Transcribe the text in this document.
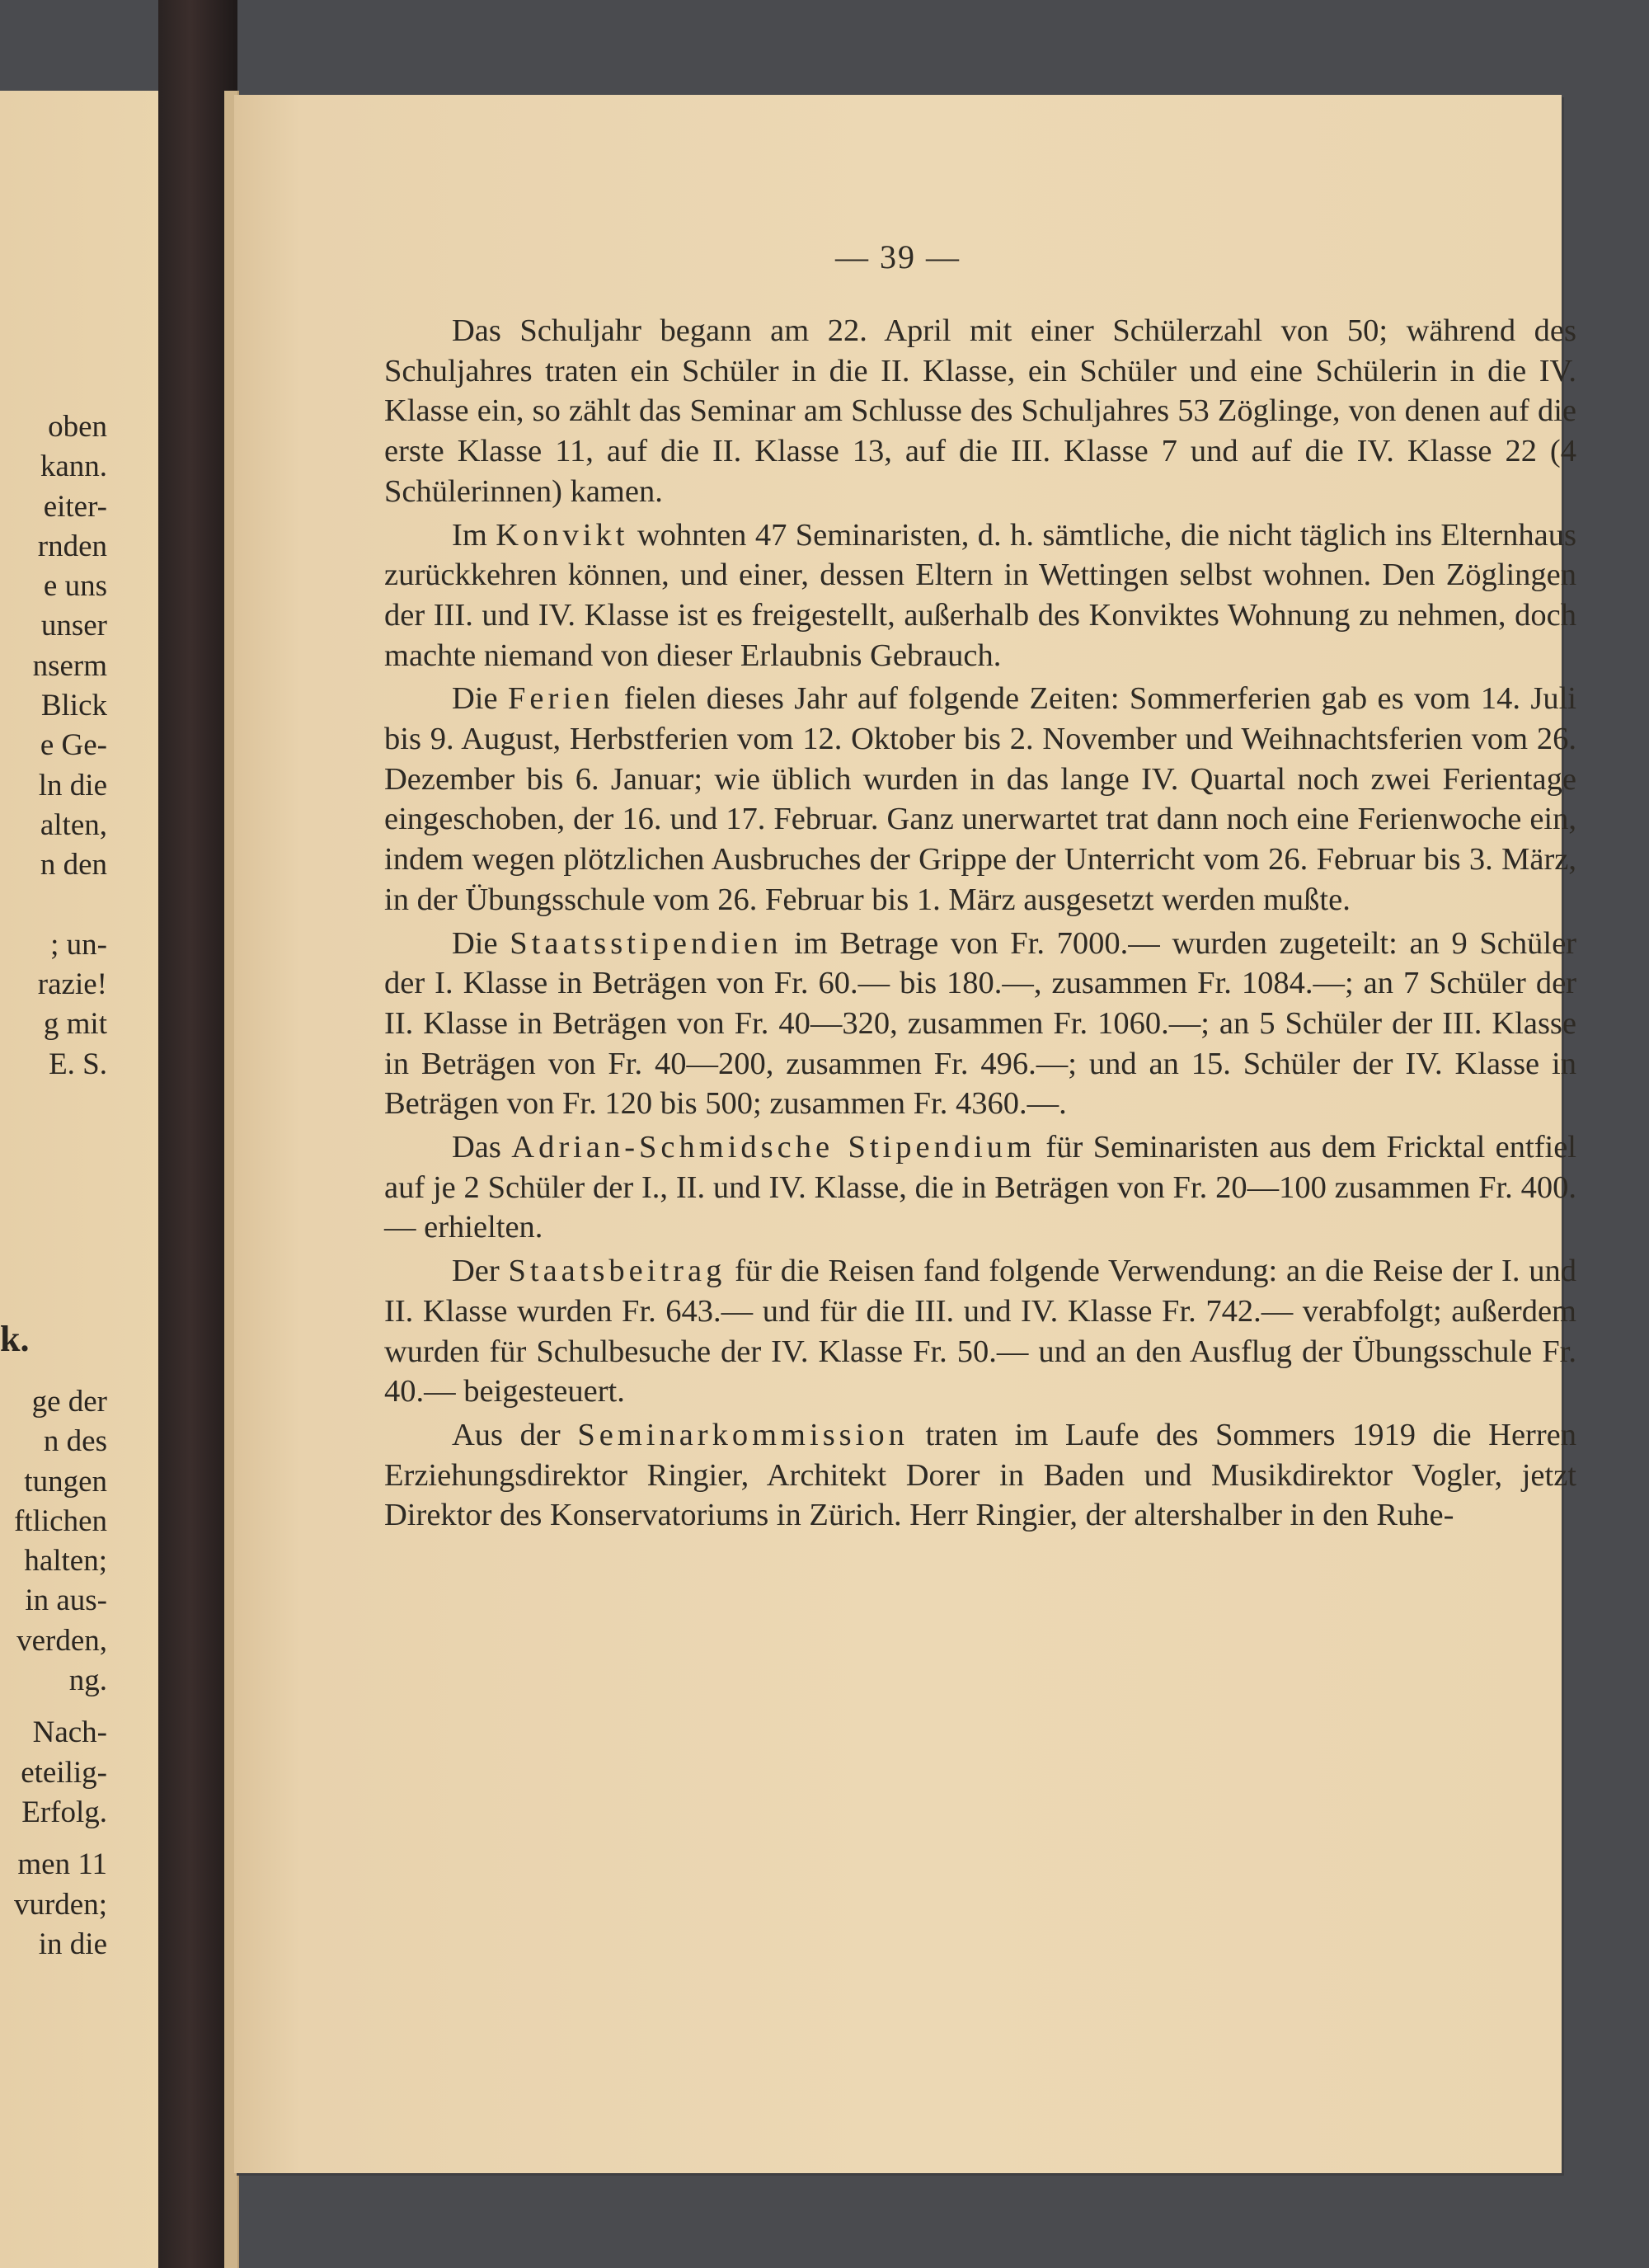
oben
kann.
eiter-
rnden
e uns
unser
nserm
Blick
e Ge-
ln die
alten,
n den
; un-
razie!
g mit
E. S.
k.
ge der
n des
tungen
ftlichen
halten;
in aus-
verden,
ng.
Nach-
eteilig-
Erfolg.
men 11
vurden;
in die
— 39 —

Das Schuljahr begann am 22. April mit einer Schülerzahl von 50; während des Schuljahres traten ein Schüler in die II. Klasse, ein Schüler und eine Schülerin in die IV. Klasse ein, so zählt das Seminar am Schlusse des Schuljahres 53 Zöglinge, von denen auf die erste Klasse 11, auf die II. Klasse 13, auf die III. Klasse 7 und auf die IV. Klasse 22 (4 Schülerinnen) kamen.

Im Konvikt wohnten 47 Seminaristen, d. h. sämtliche, die nicht täglich ins Elternhaus zurückkehren können, und einer, dessen Eltern in Wettingen selbst wohnen. Den Zöglingen der III. und IV. Klasse ist es freigestellt, außerhalb des Konviktes Wohnung zu nehmen, doch machte niemand von dieser Erlaubnis Gebrauch.

Die Ferien fielen dieses Jahr auf folgende Zeiten: Sommerferien gab es vom 14. Juli bis 9. August, Herbstferien vom 12. Oktober bis 2. November und Weihnachtsferien vom 26. Dezember bis 6. Januar; wie üblich wurden in das lange IV. Quartal noch zwei Ferientage eingeschoben, der 16. und 17. Februar. Ganz unerwartet trat dann noch eine Ferienwoche ein, indem wegen plötzlichen Ausbruches der Grippe der Unterricht vom 26. Februar bis 3. März, in der Übungsschule vom 26. Februar bis 1. März ausgesetzt werden mußte.

Die Staatsstipendien im Betrage von Fr. 7000.— wurden zugeteilt: an 9 Schüler der I. Klasse in Beträgen von Fr. 60.— bis 180.—, zusammen Fr. 1084.—; an 7 Schüler der II. Klasse in Beträgen von Fr. 40—320, zusammen Fr. 1060.—; an 5 Schüler der III. Klasse in Beträgen von Fr. 40—200, zusammen Fr. 496.—; und an 15. Schüler der IV. Klasse in Beträgen von Fr. 120 bis 500; zusammen Fr. 4360.—.

Das Adrian-Schmidsche Stipendium für Seminaristen aus dem Fricktal entfiel auf je 2 Schüler der I., II. und IV. Klasse, die in Beträgen von Fr. 20—100 zusammen Fr. 400.— erhielten.

Der Staatsbeitrag für die Reisen fand folgende Verwendung: an die Reise der I. und II. Klasse wurden Fr. 643.— und für die III. und IV. Klasse Fr. 742.— verabfolgt; außerdem wurden für Schulbesuche der IV. Klasse Fr. 50.— und an den Ausflug der Übungsschule Fr. 40.— beigesteuert.

Aus der Seminarkommission traten im Laufe des Sommers 1919 die Herren Erziehungsdirektor Ringier, Architekt Dorer in Baden und Musikdirektor Vogler, jetzt Direktor des Konservatoriums in Zürich. Herr Ringier, der altershalber in den Ruhe-
